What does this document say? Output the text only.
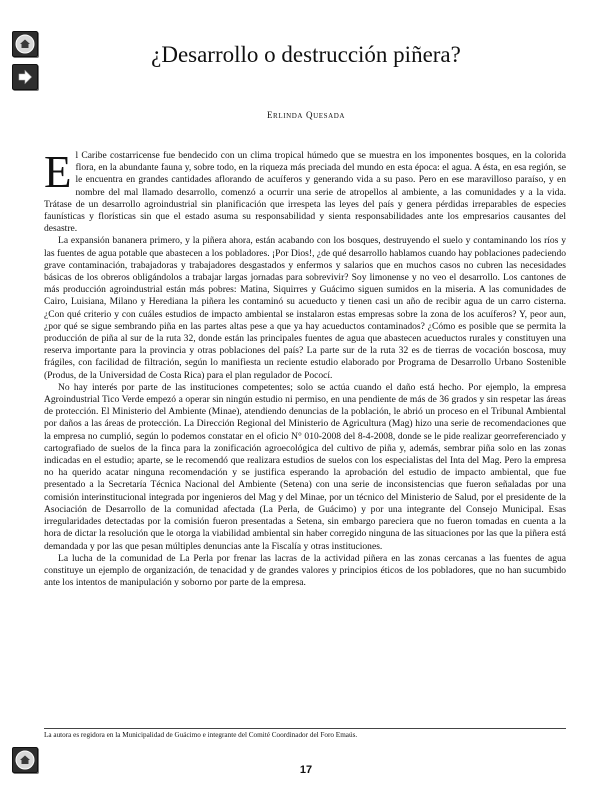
¿Desarrollo o destrucción piñera?
ERLINDA QUESADA

El Caribe costarricense fue bendecido con un clima tropical húmedo que se muestra en los imponentes bosques, en la colorida flora, en la abundante fauna y, sobre todo, en la riqueza más preciada del mundo en esta época: el agua. A ésta, en esa región, se le encuentra en grandes cantidades aflorando de acuíferos y generando vida a su paso. Pero en ese maravilloso paraíso, y en nombre del mal llamado desarrollo, comenzó a ocurrir una serie de atropellos al ambiente, a las comunidades y a la vida. Trátase de un desarrollo agroindustrial sin planificación que irrespeta las leyes del país y genera pérdidas irreparables de especies faunísticas y florísticas sin que el estado asuma su responsabilidad y sienta responsabilidades ante los empresarios causantes del desastre.

La expansión bananera primero, y la piñera ahora, están acabando con los bosques, destruyendo el suelo y contaminando los ríos y las fuentes de agua potable que abastecen a los pobladores. ¡Por Dios!, ¿de qué desarrollo hablamos cuando hay poblaciones padeciendo grave contaminación, trabajadoras y trabajadores desgastados y enfermos y salarios que en muchos casos no cubren las necesidades básicas de los obreros obligándolos a trabajar largas jornadas para sobrevivir? Soy limonense y no veo el desarrollo. Los cantones de más producción agroindustrial están más pobres: Matina, Siquirres y Guácimo siguen sumidos en la miseria. A las comunidades de Cairo, Luisiana, Milano y Herediana la piñera les contaminó su acueducto y tienen casi un año de recibir agua de un carro cisterna. ¿Con qué criterio y con cuáles estudios de impacto ambiental se instalaron estas empresas sobre la zona de los acuíferos? Y, peor aun, ¿por qué se sigue sembrando piña en las partes altas pese a que ya hay acueductos contaminados? ¿Cómo es posible que se permita la producción de piña al sur de la ruta 32, donde están las principales fuentes de agua que abastecen acueductos rurales y constituyen una reserva importante para la provincia y otras poblaciones del país? La parte sur de la ruta 32 es de tierras de vocación boscosa, muy frágiles, con facilidad de filtración, según lo manifiesta un reciente estudio elaborado por Programa de Desarrollo Urbano Sostenible (Produs, de la Universidad de Costa Rica) para el plan regulador de Pococí.

No hay interés por parte de las instituciones competentes; solo se actúa cuando el daño está hecho. Por ejemplo, la empresa Agroindustrial Tico Verde empezó a operar sin ningún estudio ni permiso, en una pendiente de más de 36 grados y sin respetar las áreas de protección. El Ministerio del Ambiente (Minae), atendiendo denuncias de la población, le abrió un proceso en el Tribunal Ambiental por daños a las áreas de protección. La Dirección Regional del Ministerio de Agricultura (Mag) hizo una serie de recomendaciones que la empresa no cumplió, según lo podemos constatar en el oficio N° 010-2008 del 8-4-2008, donde se le pide realizar georreferenciado y cartografiado de suelos de la finca para la zonificación agroecológica del cultivo de piña y, además, sembrar piña solo en las zonas indicadas en el estudio; aparte, se le recomendó que realizara estudios de suelos con los especialistas del Inta del Mag. Pero la empresa no ha querido acatar ninguna recomendación y se justifica esperando la aprobación del estudio de impacto ambiental, que fue presentado a la Secretaría Técnica Nacional del Ambiente (Setena) con una serie de inconsistencias que fueron señaladas por una comisión interinstitucional integrada por ingenieros del Mag y del Minae, por un técnico del Ministerio de Salud, por el presidente de la Asociación de Desarrollo de la comunidad afectada (La Perla, de Guácimo) y por una integrante del Consejo Municipal. Esas irregularidades detectadas por la comisión fueron presentadas a Setena, sin embargo pareciera que no fueron tomadas en cuenta a la hora de dictar la resolución que le otorga la viabilidad ambiental sin haber corregido ninguna de las situaciones por las que la piñera está demandada y por las que pesan múltiples denuncias ante la Fiscalía y otras instituciones.

La lucha de la comunidad de La Perla por frenar las lacras de la actividad piñera en las zonas cercanas a las fuentes de agua constituye un ejemplo de organización, de tenacidad y de grandes valores y principios éticos de los pobladores, que no han sucumbido ante los intentos de manipulación y soborno por parte de la empresa.

La autora es regidora en la Municipalidad de Guácimo e integrante del Comité Coordinador del Foro Emaús.
17
